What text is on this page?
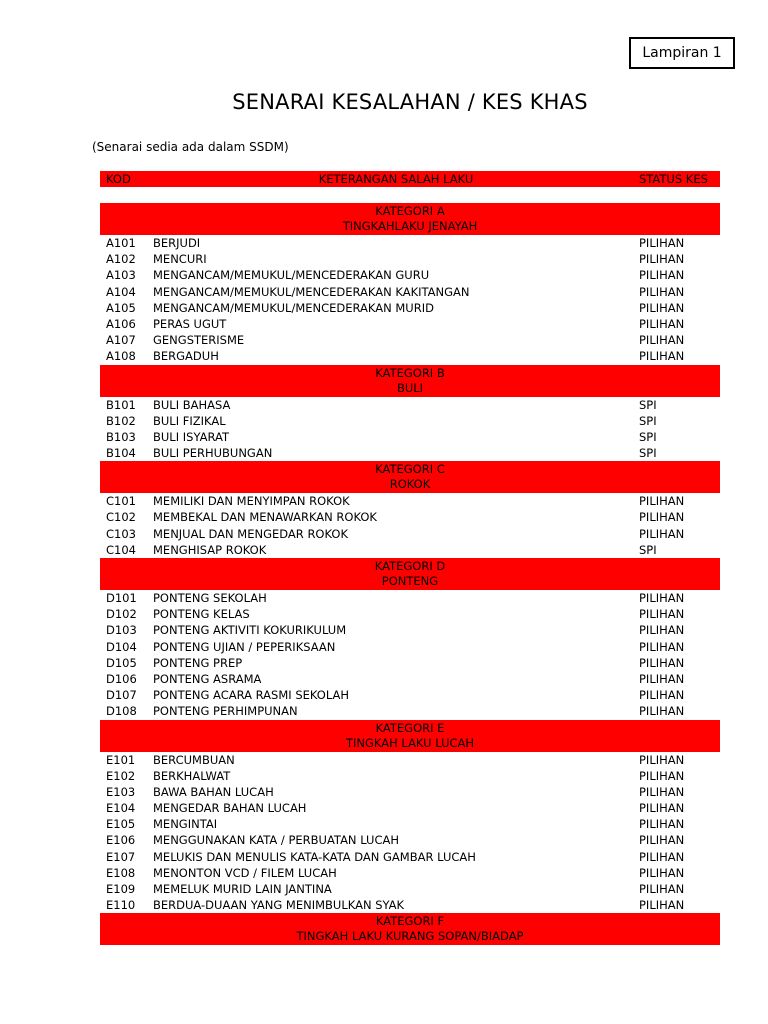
Lampiran 1
SENARAI KESALAHAN / KES KHAS
(Senarai sedia ada dalam SSDM)
KOD	KETERANGAN SALAH LAKU	STATUS KES
KATEGORI A
TINGKAHLAKU JENAYAH
A101	BERJUDI	PILIHAN
A102	MENCURI	PILIHAN
A103	MENGANCAM/MEMUKUL/MENCEDERAKAN GURU	PILIHAN
A104	MENGANCAM/MEMUKUL/MENCEDERAKAN KAKITANGAN	PILIHAN
A105	MENGANCAM/MEMUKUL/MENCEDERAKAN MURID	PILIHAN
A106	PERAS UGUT	PILIHAN
A107	GENGSTERISME	PILIHAN
A108	BERGADUH	PILIHAN
KATEGORI B
BULI
B101	BULI BAHASA	SPI
B102	BULI FIZIKAL	SPI
B103	BULI ISYARAT	SPI
B104	BULI PERHUBUNGAN	SPI
KATEGORI C
ROKOK
C101	MEMILIKI DAN MENYIMPAN ROKOK	PILIHAN
C102	MEMBEKAL DAN MENAWARKAN ROKOK	PILIHAN
C103	MENJUAL DAN MENGEDAR ROKOK	PILIHAN
C104	MENGHISAP ROKOK	SPI
KATEGORI D
PONTENG
D101	PONTENG SEKOLAH	PILIHAN
D102	PONTENG KELAS	PILIHAN
D103	PONTENG AKTIVITI KOKURIKULUM	PILIHAN
D104	PONTENG UJIAN / PEPERIKSAAN	PILIHAN
D105	PONTENG PREP	PILIHAN
D106	PONTENG ASRAMA	PILIHAN
D107	PONTENG ACARA RASMI SEKOLAH	PILIHAN
D108	PONTENG PERHIMPUNAN	PILIHAN
KATEGORI E
TINGKAH LAKU LUCAH
E101	BERCUMBUAN	PILIHAN
E102	BERKHALWAT	PILIHAN
E103	BAWA BAHAN LUCAH	PILIHAN
E104	MENGEDAR BAHAN LUCAH	PILIHAN
E105	MENGINTAI	PILIHAN
E106	MENGGUNAKAN KATA / PERBUATAN LUCAH	PILIHAN
E107	MELUKIS DAN MENULIS KATA-KATA DAN GAMBAR LUCAH	PILIHAN
E108	MENONTON VCD / FILEM LUCAH	PILIHAN
E109	MEMELUK MURID LAIN JANTINA	PILIHAN
E110	BERDUA-DUAAN YANG MENIMBULKAN SYAK	PILIHAN
KATEGORI F
TINGKAH LAKU KURANG SOPAN/BIADAP
